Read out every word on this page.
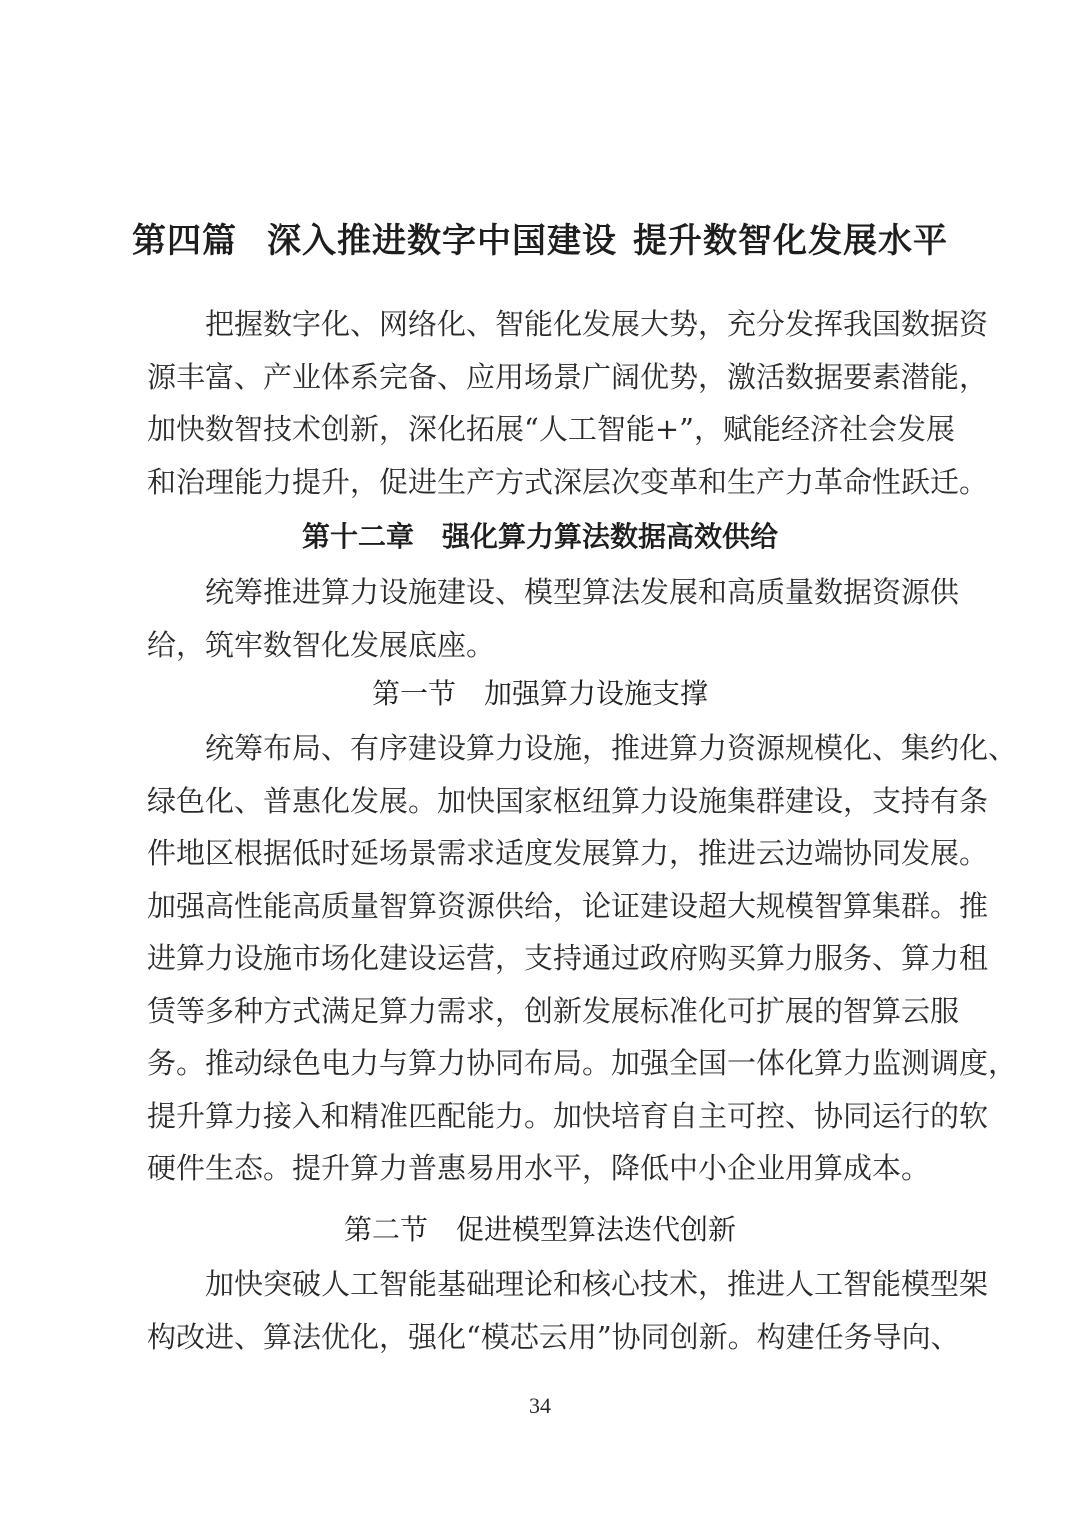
第四篇 深入推进数字中国建设 提升数智化发展水平
把握数字化、网络化、智能化发展大势，充分发挥我国数据资
源丰富、产业体系完备、应用场景广阔优势，激活数据要素潜能，
加快数智技术创新，深化拓展“人工智能+”，赋能经济社会发展
和治理能力提升，促进生产方式深层次变革和生产力革命性跃迁。
第十二章 强化算力算法数据高效供给
统筹推进算力设施建设、模型算法发展和高质量数据资源供
给，筑牢数智化发展底座。
第一节 加强算力设施支撑
统筹布局、有序建设算力设施，推进算力资源规模化、集约化、
绿色化、普惠化发展。加快国家枢纽算力设施集群建设，支持有条
件地区根据低时延场景需求适度发展算力，推进云边端协同发展。
加强高性能高质量智算资源供给，论证建设超大规模智算集群。推
进算力设施市场化建设运营，支持通过政府购买算力服务、算力租
赁等多种方式满足算力需求，创新发展标准化可扩展的智算云服
务。推动绿色电力与算力协同布局。加强全国一体化算力监测调度，
提升算力接入和精准匹配能力。加快培育自主可控、协同运行的软
硬件生态。提升算力普惠易用水平，降低中小企业用算成本。
第二节 促进模型算法迭代创新
加快突破人工智能基础理论和核心技术，推进人工智能模型架
构改进、算法优化，强化“模芯云用”协同创新。构建任务导向、
34
